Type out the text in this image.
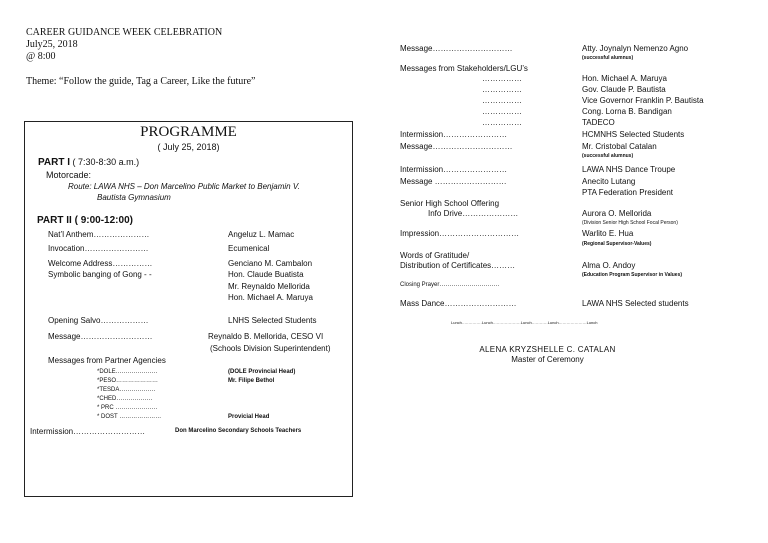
CAREER GUIDANCE WEEK CELEBRATION
July25, 2018
@ 8:00
Theme: “Follow the guide, Tag a Career, Like the future”
PROGRAMME
( July 25, 2018)
PART I ( 7:30-8:30 a.m.)
Motorcade:
Route: LAWA NHS – Don Marcelino Public Market to Benjamin V.
Bautista Gymnasium
PART II ( 9:00-12:00)
Nat’l Anthem…………………	Angeluz L. Mamac
Invocation……………………	Ecumenical
Welcome Address……………	Genciano M. Cambalon
Symbolic banging of Gong - -	Hon. Claude Buatista
Mr. Reynaldo Mellorida
Hon. Michael A. Maruya
Opening Salvo………………	LNHS Selected Students
Message………………………	Reynaldo B. Mellorida, CESO VI
(Schools Division Superintendent)
Messages from Partner Agencies
*DOLE…………………	(DOLE Provincial Head)
*PESO…………………	Mr. Filipe Bethol
*TESDA………………
*CHED………………
* PRC …………………
* DOST …………………	Provicial Head
Intermission………………………	Don Marcelino Secondary Schools Teachers
Message…………………………	Atty. Joynalyn Nemenzo Agno
(successful alumnus)
Messages from Stakeholders/LGU’s
……………	Hon. Michael A. Maruya
……………	Gov. Claude P. Bautista
……………	Vice Governor Franklin P. Bautista
……………	Cong. Lorna B. Bandigan
……………	TADECO
Intermission……………………	HCMNHS Selected Students
Message…………………………	Mr. Cristobal Catalan
(successful alumnus)
Intermission……………………	LAWA NHS Dance Troupe
Message ………………………	Anecito Lutang
PTA Federation President
Senior High School Offering
Info Drive…………………	Aurora O. Mellorida
(Division Senior High School Focal Person)
Impression…………………………	Warlito E. Hua
(Regional Supervisor-Values)
Words of Gratitude/
Distribution of Certificates………	Alma O. Andoy
(Education Program Supervisor in Values)
Closing Prayer…………………………
Mass Dance………………………	LAWA NHS Selected students
Lunch……………Lunch…………………Lunch…………Lunch…………………Lunch
ALENA KRYZSHELLE C. CATALAN
Master of Ceremony
